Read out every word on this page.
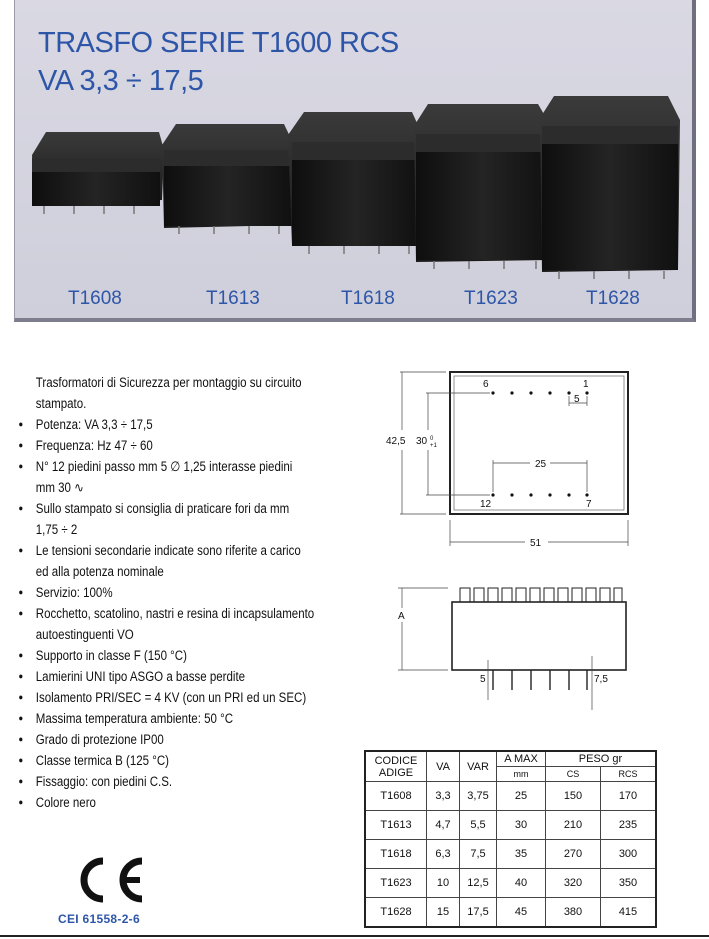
TRASFO SERIE T1600 RCS
VA 3,3 ÷ 17,5
T1608	T1613	T1618	T1623	T1628

Trasformatori di Sicurezza per montaggio su circuito stampato.

● Potenza: VA 3,3 ÷ 17,5
● Frequenza: Hz 47 ÷ 60
● N° 12 piedini passo mm 5 ∅ 1,25 interasse piedini mm 30 ∿
● Sullo stampato si consiglia di praticare fori da mm 1,75 ÷ 2
● Le tensioni secondarie indicate sono riferite a carico ed alla potenza nominale
● Servizio: 100%
● Rocchetto, scatolino, nastri e resina di incapsulamento autoestinguenti VO
● Supporto in classe F (150 °C)
● Lamierini UNI tipo ASGO a basse perdite
● Isolamento PRI/SEC = 4 KV (con un PRI ed un SEC)
● Massima temperatura ambiente: 50 °C
● Grado di protezione IP00
● Classe termica B (125 °C)
● Fissaggio: con piedini C.S.
● Colore nero
6	1
12	7
5
25
51
42,5 30 0
+1
A
5	7,5
CODICE
ADIGE	VA	VAR	A MAX	PESO gr	
			mm	CS	RCS
T1608	3,3	3,75	25	150	170
T1613	4,7	5,5	30	210	235
T1618	6,3	7,5	35	270	300
T1623	10	12,5	40	320	350
T1628	15	17,5	45	380	415
CEI 61558-2-6
